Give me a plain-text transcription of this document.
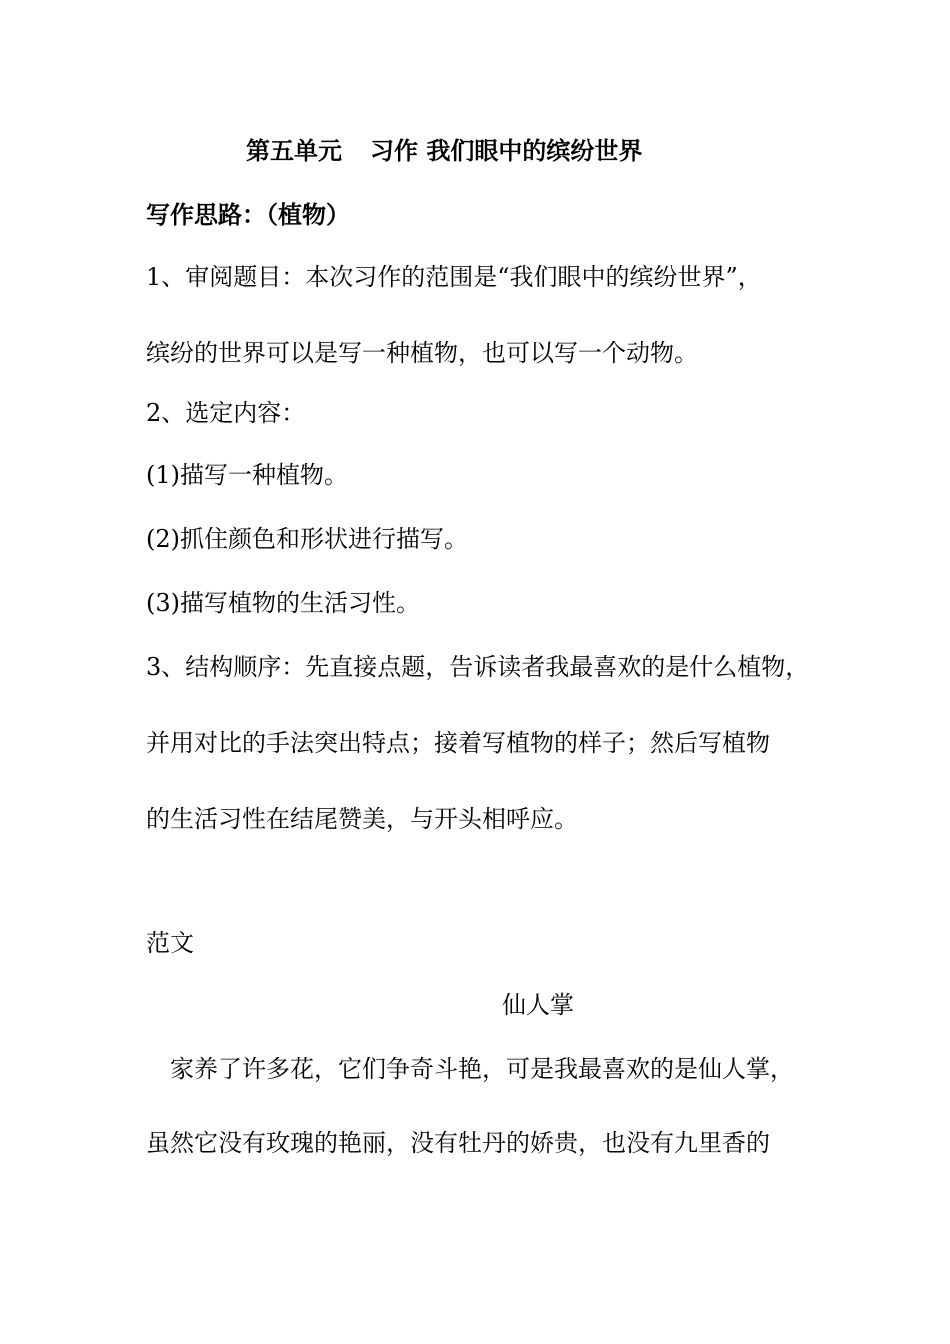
第五单元 习作 我们眼中的缤纷世界
写作思路：（植物）
1、审阅题目：本次习作的范围是“我们眼中的缤纷世界”，
缤纷的世界可以是写一种植物，也可以写一个动物。
2、选定内容：
(1)描写一种植物。
(2)抓住颜色和形状进行描写。
(3)描写植物的生活习性。
3、结构顺序：先直接点题，告诉读者我最喜欢的是什么植物，
并用对比的手法突出特点；接着写植物的样子；然后写植物
的生活习性在结尾赞美，与开头相呼应。
范文
仙人掌
　家养了许多花，它们争奇斗艳，可是我最喜欢的是仙人掌，
虽然它没有玫瑰的艳丽，没有牡丹的娇贵，也没有九里香的
